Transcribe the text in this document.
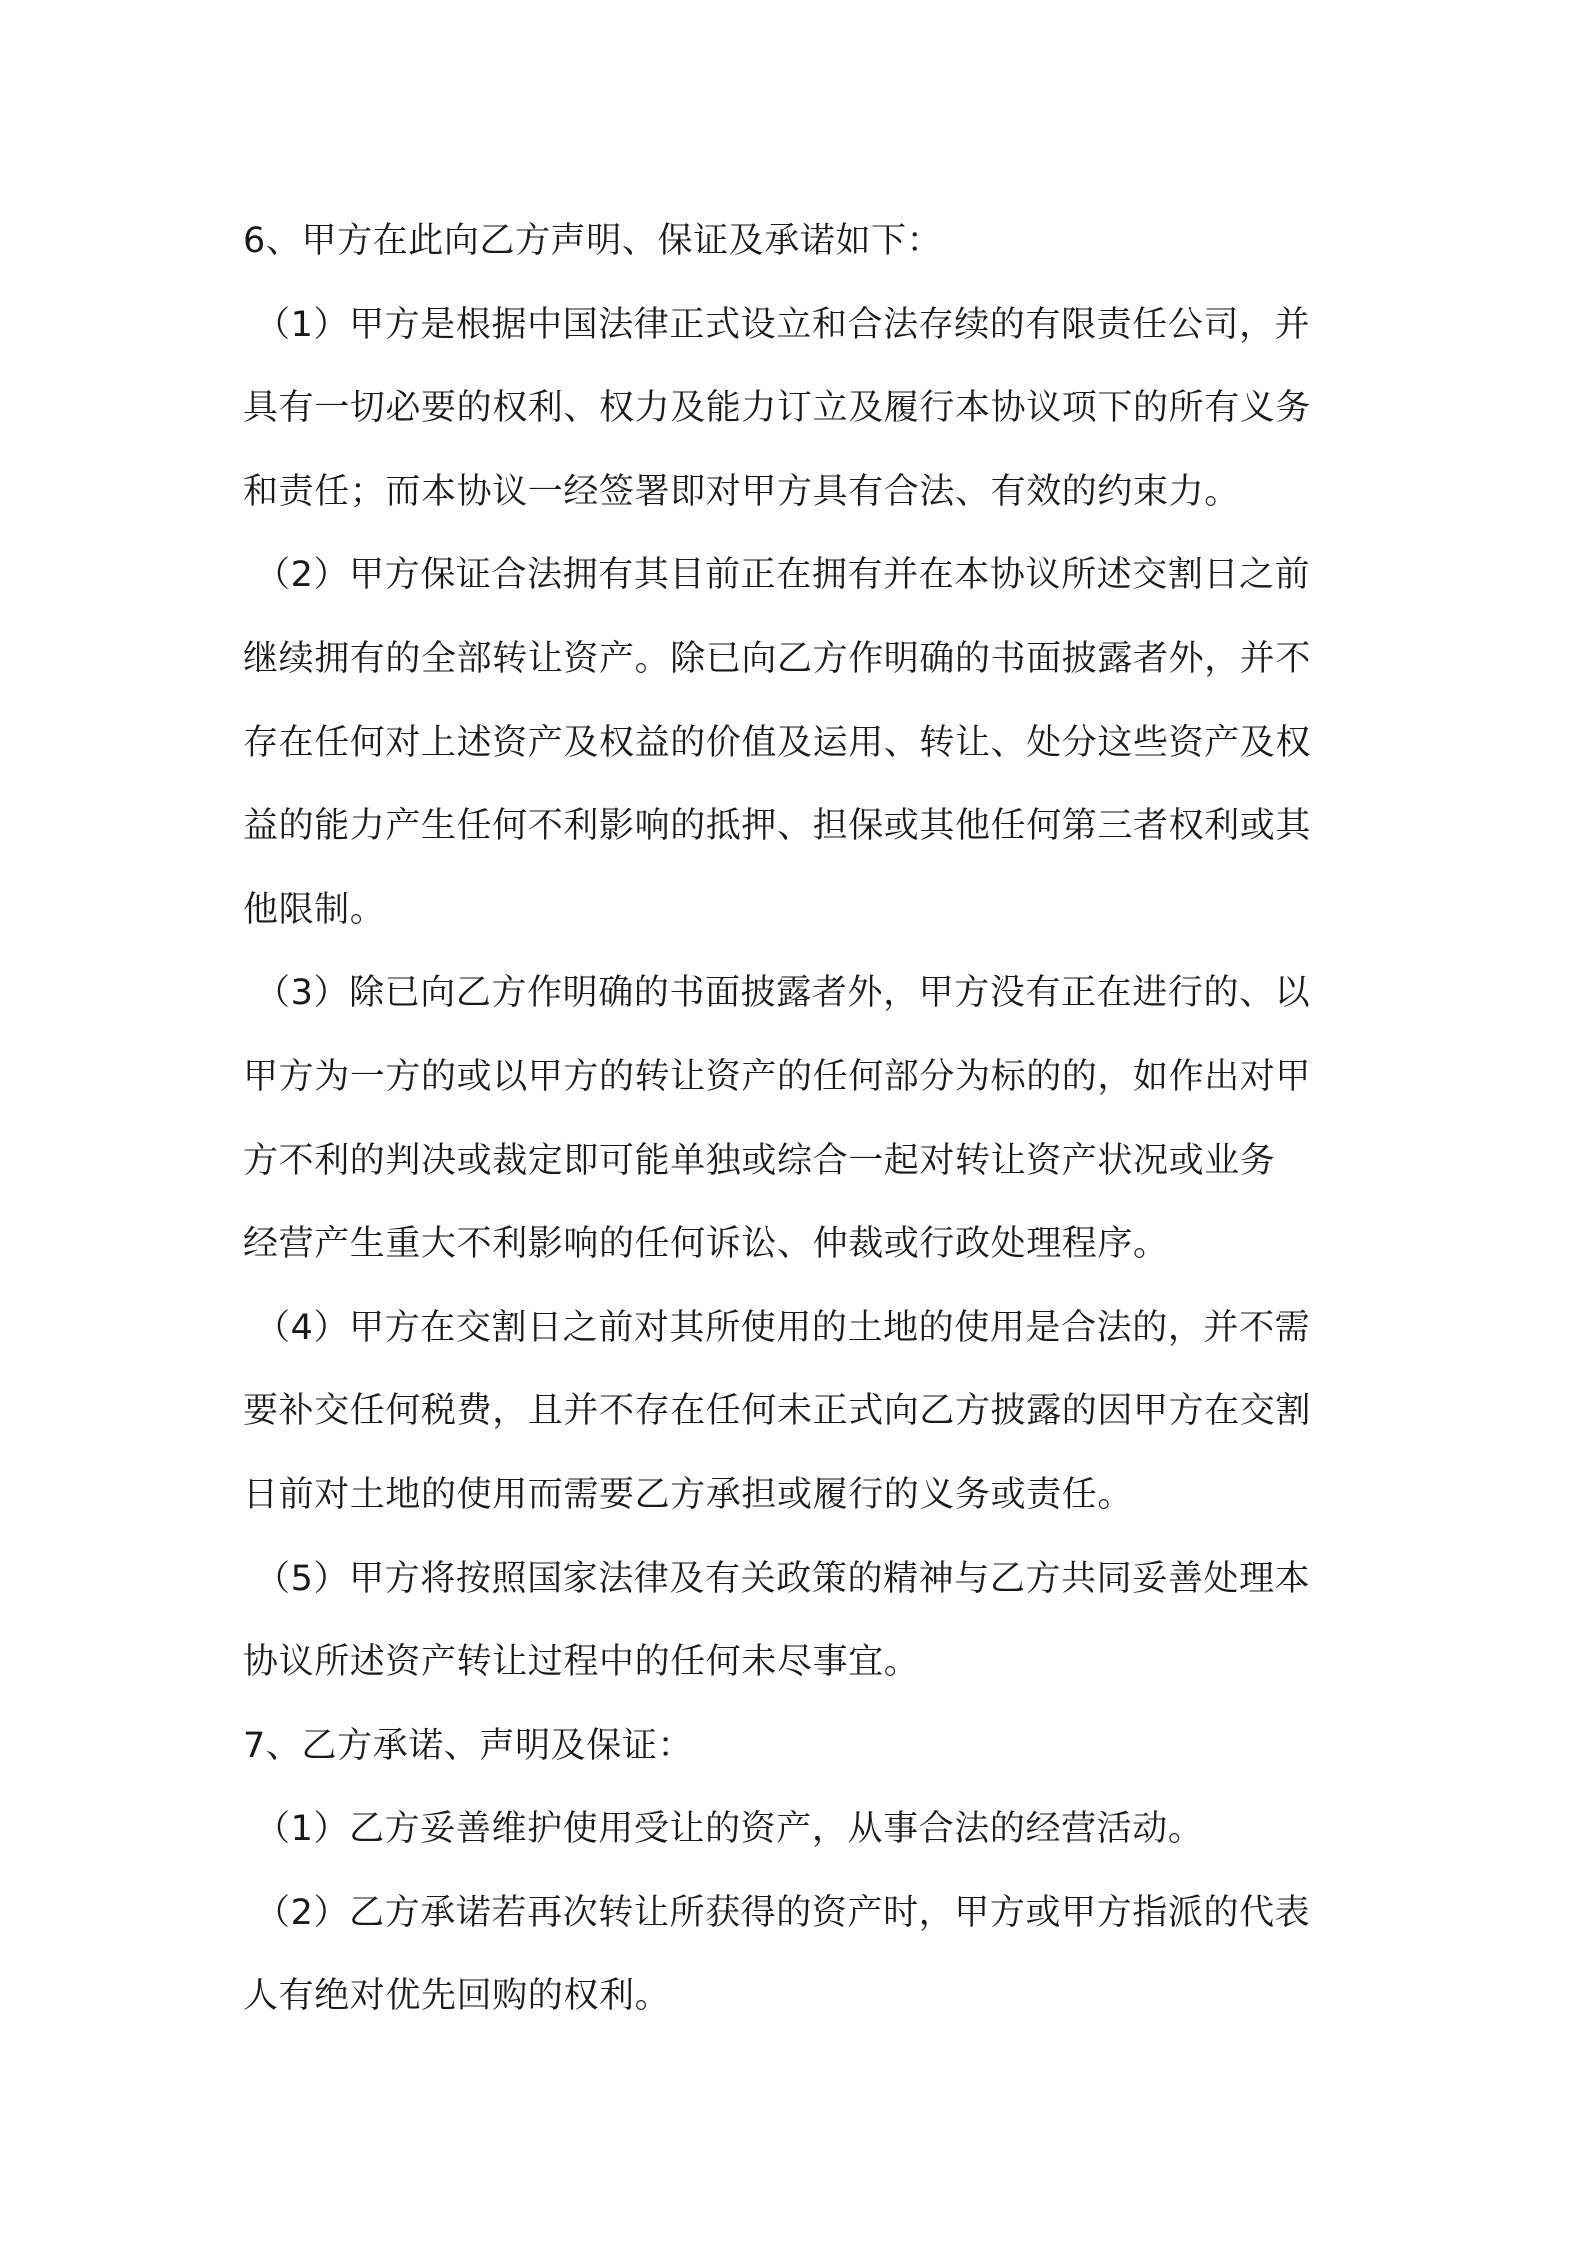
6、甲方在此向乙方声明、保证及承诺如下：
（1）甲方是根据中国法律正式设立和合法存续的有限责任公司，并
具有一切必要的权利、权力及能力订立及履行本协议项下的所有义务
和责任；而本协议一经签署即对甲方具有合法、有效的约束力。
（2）甲方保证合法拥有其目前正在拥有并在本协议所述交割日之前
继续拥有的全部转让资产。除已向乙方作明确的书面披露者外，并不
存在任何对上述资产及权益的价值及运用、转让、处分这些资产及权
益的能力产生任何不利影响的抵押、担保或其他任何第三者权利或其
他限制。
（3）除已向乙方作明确的书面披露者外，甲方没有正在进行的、以
甲方为一方的或以甲方的转让资产的任何部分为标的的，如作出对甲
方不利的判决或裁定即可能单独或综合一起对转让资产状况或业务
经营产生重大不利影响的任何诉讼、仲裁或行政处理程序。
（4）甲方在交割日之前对其所使用的土地的使用是合法的，并不需
要补交任何税费，且并不存在任何未正式向乙方披露的因甲方在交割
日前对土地的使用而需要乙方承担或履行的义务或责任。
（5）甲方将按照国家法律及有关政策的精神与乙方共同妥善处理本
协议所述资产转让过程中的任何未尽事宜。
7、乙方承诺、声明及保证：
（1）乙方妥善维护使用受让的资产，从事合法的经营活动。
（2）乙方承诺若再次转让所获得的资产时，甲方或甲方指派的代表
人有绝对优先回购的权利。
